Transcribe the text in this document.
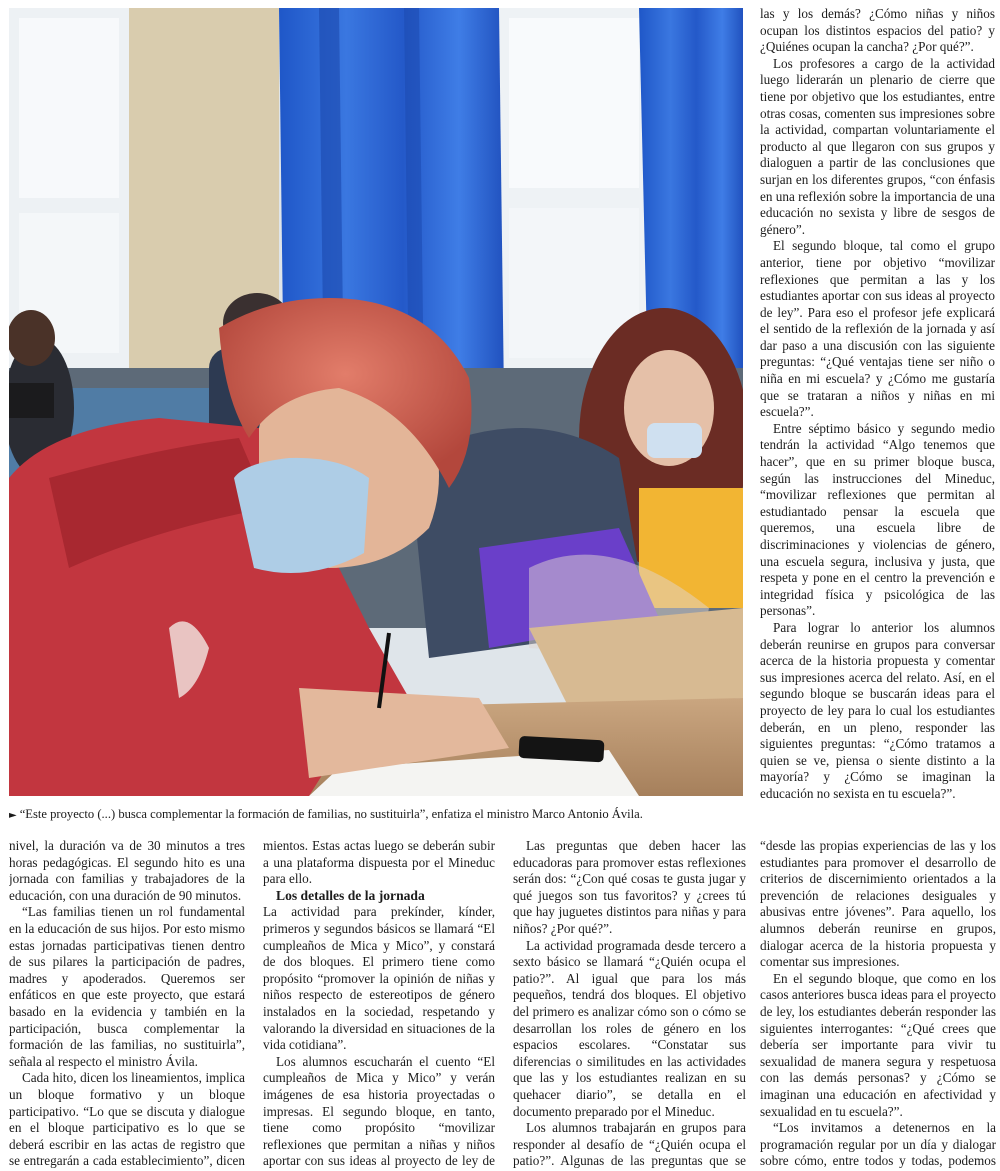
► “Este proyecto (...) busca complementar la formación de familias, no sustituirla”, enfatiza el ministro Marco Antonio Ávila.

las y los demás? ¿Cómo niñas y niños ocupan los distintos espacios del patio? y ¿Quiénes ocupan la cancha? ¿Por qué?”.

Los profesores a cargo de la actividad luego liderarán un plenario de cierre que tiene por objetivo que los estudiantes, entre otras cosas, comenten sus impresiones sobre la actividad, compartan voluntariamente el producto al que llegaron con sus grupos y dialoguen a partir de las conclusiones que surjan en los diferentes grupos, “con énfasis en una reflexión sobre la importancia de una educación no sexista y libre de sesgos de género”.

El segundo bloque, tal como el grupo anterior, tiene por objetivo “movilizar reflexiones que permitan a las y los estudiantes aportar con sus ideas al proyecto de ley”. Para eso el profesor jefe explicará el sentido de la reflexión de la jornada y así dar paso a una discusión con las siguiente preguntas: “¿Qué ventajas tiene ser niño o niña en mi escuela? y ¿Cómo me gustaría que se trataran a niños y niñas en mi escuela?”.

Entre séptimo básico y segundo medio tendrán la actividad “Algo tenemos que hacer”, que en su primer bloque busca, según las instrucciones del Mineduc, “movilizar reflexiones que permitan al estudiantado pensar la escuela que queremos, una escuela libre de discriminaciones y violencias de género, una escuela segura, inclusiva y justa, que respeta y pone en el centro la prevención e integridad física y psicológica de las personas”.

Para lograr lo anterior los alumnos deberán reunirse en grupos para conversar acerca de la historia propuesta y comentar sus impresiones acerca del relato. Así, en el segundo bloque se buscarán ideas para el proyecto de ley para lo cual los estudiantes deberán, en un pleno, responder las siguientes preguntas: “¿Cómo tratamos a quien se ve, piensa o siente distinto a la mayoría? y ¿Cómo se imaginan la educación no sexista en tu escuela?”.

nivel, la duración va de 30 minutos a tres horas pedagógicas. El segundo hito es una jornada con familias y trabajadores de la educación, con una duración de 90 minutos.

“Las familias tienen un rol fundamental en la educación de sus hijos. Por esto mismo estas jornadas participativas tienen dentro de sus pilares la participación de padres, madres y apoderados. Queremos ser enfáticos en que este proyecto, que estará basado en la evidencia y también en la participación, busca complementar la formación de las familias, no sustituirla”, señala al respecto el ministro Ávila.

Cada hito, dicen los lineamientos, implica un bloque formativo y un bloque participativo. “Lo que se discuta y dialogue en el bloque participativo es lo que se deberá escribir en las actas de registro que se entregarán a cada establecimiento”, dicen

mientos. Estas actas luego se deberán subir a una plataforma dispuesta por el Mineduc para ello.

Los detalles de la jornada

La actividad para prekínder, kínder, primeros y segundos básicos se llamará “El cumpleaños de Mica y Mico”, y constará de dos bloques. El primero tiene como propósito “promover la opinión de niñas y niños respecto de estereotipos de género instalados en la sociedad, respetando y valorando la diversidad en situaciones de la vida cotidiana”.

Los alumnos escucharán el cuento “El cumpleaños de Mica y Mico” y verán imágenes de esa historia proyectadas o impresas. El segundo bloque, en tanto, tiene como propósito “movilizar reflexiones que permitan a niñas y niños aportar con sus ideas al proyecto de ley de

Las preguntas que deben hacer las educadoras para promover estas reflexiones serán dos: “¿Con qué cosas te gusta jugar y qué juegos son tus favoritos? y ¿crees tú que hay juguetes distintos para niñas y para niños? ¿Por qué?”.

La actividad programada desde tercero a sexto básico se llamará “¿Quién ocupa el patio?”. Al igual que para los más pequeños, tendrá dos bloques. El objetivo del primero es analizar cómo son o cómo se desarrollan los roles de género en los espacios escolares. “Constatar sus diferencias o similitudes en las actividades que las y los estudiantes realizan en su quehacer diario”, se detalla en el documento preparado por el Mineduc.

Los alumnos trabajarán en grupos para responder al desafío de “¿Quién ocupa el patio?”. Algunas de las preguntas que se

“desde las propias experiencias de las y los estudiantes para promover el desarrollo de criterios de discernimiento orientados a la prevención de relaciones desiguales y abusivas entre jóvenes”. Para aquello, los alumnos deberán reunirse en grupos, dialogar acerca de la historia propuesta y comentar sus impresiones.

En el segundo bloque, que como en los casos anteriores busca ideas para el proyecto de ley, los estudiantes deberán responder las siguientes interrogantes: “¿Qué crees que debería ser importante para vivir tu sexualidad de manera segura y respetuosa con las demás personas? y ¿Cómo se imaginan una educación en afectividad y sexualidad en tu escuela?”.

“Los invitamos a detenernos en la programación regular por un día y dialogar sobre cómo, entre todos y todas, podemos
